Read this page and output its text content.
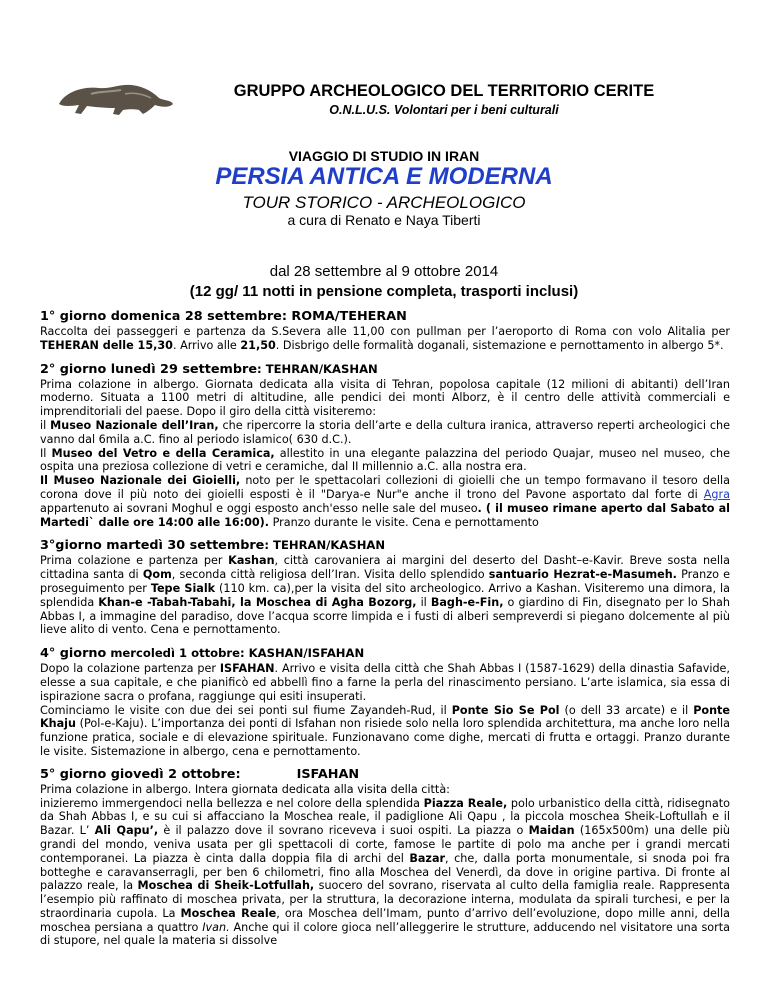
GRUPPO ARCHEOLOGICO DEL TERRITORIO CERITE
O.N.L.U.S. Volontari per i beni culturali
VIAGGIO DI STUDIO IN IRAN
PERSIA ANTICA E MODERNA
TOUR STORICO - ARCHEOLOGICO
a cura di Renato e Naya Tiberti
dal 28 settembre al 9 ottobre 2014
(12 gg/ 11 notti in pensione completa, trasporti inclusi)
1° giorno domenica 28 settembre: ROMA/TEHERAN

Raccolta dei passeggeri e partenza da S.Severa alle 11,00 con pullman per l’aeroporto di Roma con volo Alitalia per TEHERAN delle 15,30. Arrivo alle 21,50. Disbrigo delle formalità doganali, sistemazione e pernottamento in albergo 5*.

2° giorno lunedì 29 settembre: TEHRAN/KASHAN

Prima colazione in albergo. Giornata dedicata alla visita di Tehran, popolosa capitale (12 milioni di abitanti) dell’Iran moderno. Situata a 1100 metri di altitudine, alle pendici dei monti Alborz, è il centro delle attività commerciali e imprenditoriali del paese. Dopo il giro della città visiteremo:

il Museo Nazionale dell’Iran, che ripercorre la storia dell’arte e della cultura iranica, attraverso reperti archeologici che vanno dal 6mila a.C. fino al periodo islamico( 630 d.C.).

Il Museo del Vetro e della Ceramica, allestito in una elegante palazzina del periodo Quajar, museo nel museo, che ospita una preziosa collezione di vetri e ceramiche, dal II millennio a.C. alla nostra era.

Il Museo Nazionale dei Gioielli, noto per le spettacolari collezioni di gioielli che un tempo formavano il tesoro della corona dove il più noto dei gioielli esposti è il "Darya-e Nur"e anche il trono del Pavone asportato dal forte di Agra appartenuto ai sovrani Moghul e oggi esposto anch'esso nelle sale del museo. ( il museo rimane aperto dal Sabato al Martedi` dalle ore 14:00 alle 16:00). Pranzo durante le visite. Cena e pernottamento

3°giorno martedì 30 settembre: TEHRAN/KASHAN

Prima colazione e partenza per Kashan, città carovaniera ai margini del deserto del Dasht–e-Kavir. Breve sosta nella cittadina santa di Qom, seconda città religiosa dell’Iran. Visita dello splendido santuario Hezrat-e-Masumeh. Pranzo e proseguimento per Tepe Sialk (110 km. ca),per la visita del sito archeologico. Arrivo a Kashan. Visiteremo una dimora, la splendida Khan-e -Tabah-Tabahi, la Moschea di Agha Bozorg, il Bagh-e-Fin, o giardino di Fin, disegnato per lo Shah Abbas I, a immagine del paradiso, dove l’acqua scorre limpida e i fusti di alberi sempreverdi si piegano dolcemente al più lieve alito di vento. Cena e pernottamento.

4° giorno mercoledì 1 ottobre: KASHAN/ISFAHAN

Dopo la colazione partenza per ISFAHAN. Arrivo e visita della città che Shah Abbas I (1587-1629) della dinastia Safavide, elesse a sua capitale, e che pianificò ed abbellì fino a farne la perla del rinascimento persiano. L’arte islamica, sia essa di ispirazione sacra o profana, raggiunge qui esiti insuperati.

Cominciamo le visite con due dei sei ponti sul fiume Zayandeh-Rud, il Ponte Sio Se Pol (o dell 33 arcate) e il Ponte Khaju (Pol-e-Kaju). L’importanza dei ponti di Isfahan non risiede solo nella loro splendida architettura, ma anche loro nella funzione pratica, sociale e di elevazione spirituale. Funzionavano come dighe, mercati di frutta e ortaggi. Pranzo durante le visite. Sistemazione in albergo, cena e pernottamento.

5° giorno giovedì 2 ottobre:	ISFAHAN

Prima colazione in albergo. Intera giornata dedicata alla visita della città:

inizieremo immergendoci nella bellezza e nel colore della splendida Piazza Reale, polo urbanistico della città, ridisegnato da Shah Abbas I, e su cui si affacciano la Moschea reale, il padiglione Ali Qapu , la piccola moschea Sheik-Loftullah e il Bazar. L’ Ali Qapu’, è il palazzo dove il sovrano riceveva i suoi ospiti. La piazza o Maidan (165x500m) una delle più grandi del mondo, veniva usata per gli spettacoli di corte, famose le partite di polo ma anche per i grandi mercati contemporanei. La piazza è cinta dalla doppia fila di archi del Bazar, che, dalla porta monumentale, si snoda poi fra botteghe e caravanserragli, per ben 6 chilometri, fino alla Moschea del Venerdì, da dove in origine partiva. Di fronte al palazzo reale, la Moschea di Sheik-Lotfullah, suocero del sovrano, riservata al culto della famiglia reale. Rappresenta l’esempio più raffinato di moschea privata, per la struttura, la decorazione interna, modulata da spirali turchesi, e per la straordinaria cupola. La Moschea Reale, ora Moschea dell’Imam, punto d’arrivo dell’evoluzione, dopo mille anni, della moschea persiana a quattro Ivan. Anche qui il colore gioca nell’alleggerire le strutture, adducendo nel visitatore una sorta di stupore, nel quale la materia si dissolve
